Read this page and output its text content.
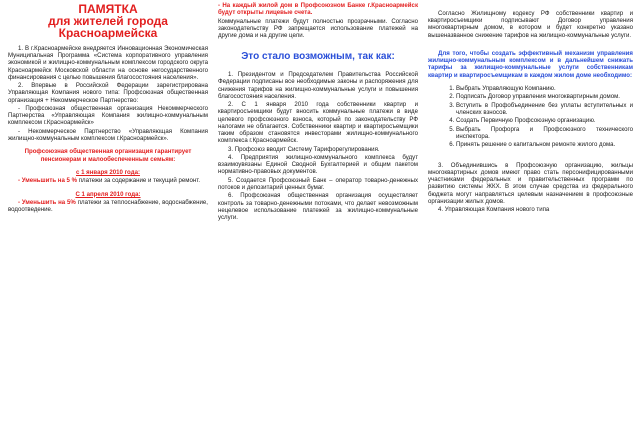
ПАМЯТКА
для жителей города
Красноармейска

1. В г.Красноармейске внедряется Инновационная Экономическая Муниципальная Программа «Система корпоративного управления экономикой и жилищно-коммунальным комплексом городского округа Красноармейск Московской области на основе негосударственного финансирования с целью повышения благосостояния населения».

2. Впервые в Российской Федерации зарегистрирована Управляющая Компания нового типа: Профсоюзная общественная организация + Некоммерческое Партнерство:

- Профсоюзная общественная организация Некоммерческого Партнерства «Управляющая Компания жилищно-коммунальным комплексом г.Красноармейск»

- Некоммерческое Партнерство «Управляющая Компания жилищно-коммунальным комплексом г.Красноармейск».

Профсоюзная общественная организация гарантирует пенсионерам и малообеспеченным семьям:

с 1 января 2010 года:

- Уменьшить на 5 % платежи за содержание и текущий ремонт.

С 1 апреля 2010 года:

- Уменьшить на 5% платежи за теплоснабжение, водоснабжение, водоотведение.

- На каждый жилой дом в Профсоюзном Банке г.Красноармейск будут открыты лицевые счета.

Коммунальные платежи будут полностью прозрачными. Согласно законодательству РФ запрещается использование платежей на другие дома и на другие цели.

Это стало возможным, так как:

1. Президентом и Председателем Правительства Российской Федерации подписаны все необходимые законы и распоряжения для снижения тарифов на жилищно-коммунальные услуги и повышения благосостояния населения.

2. С 1 января 2010 года собственники квартир и квартиросъемщики будут вносить коммунальные платежи в виде целевого профсоюзного взноса, который по законодательству РФ налогами не облагается. Собственники квартир и квартиросъемщики таким образом становятся инвесторами жилищно-коммунального комплекса г.Красноармейск.

3. Профсоюз вводит Систему Тарифорегулирования.

4. Предприятия жилищно-коммунального комплекса будут взаимоувязаны Единой Сводной Бухгалтерией и общим пакетом нормативно-правовых документов.

5. Создается Профсоюзный Банк – оператор товарно-денежных потоков и депозитарий ценных бумаг.

6. Профсоюзная общественная организация осуществляет контроль за товарно-денежными потоками, что делает невозможным нецелевое использование платежей за жилищно-коммунальные услуги.

Согласно Жилищному кодексу РФ собственники квартир и квартиросъемщики подписывают Договор управления многоквартирным домом, в котором и будет конкретно указано вышеназванное снижение тарифов на жилищно-коммунальные услуги.

Для того, чтобы создать эффективный механизм управления жилищно-коммунальным комплексом и в дальнейшем снижать тарифы за жилищно-коммунальные услуги собственникам квартир и квартиросъемщикам в каждом жилом доме необходимо:

1. Выбрать Управляющую Компанию.
2. Подписать Договор управления многоквартирным домом.
3. Вступить в Профобъединение без уплаты вступительных и членских взносов.
4. Создать Первичную Профсоюзную организацию.
5. Выбрать Профорга и Профсоюзного технического инспектора.
6. Принять решение о капитальном ремонте жилого дома.

3. Объединившись в Профсоюзную организацию, жильцы многоквартирных домов имеют право стать персонифицированными участниками федеральных и правительственных программ по развитию системы ЖКХ. В этом случае средства из федерального бюджета могут направляться целевым назначением в профсоюзные организации жилых домов.

4. Управляющая Компания нового типа
